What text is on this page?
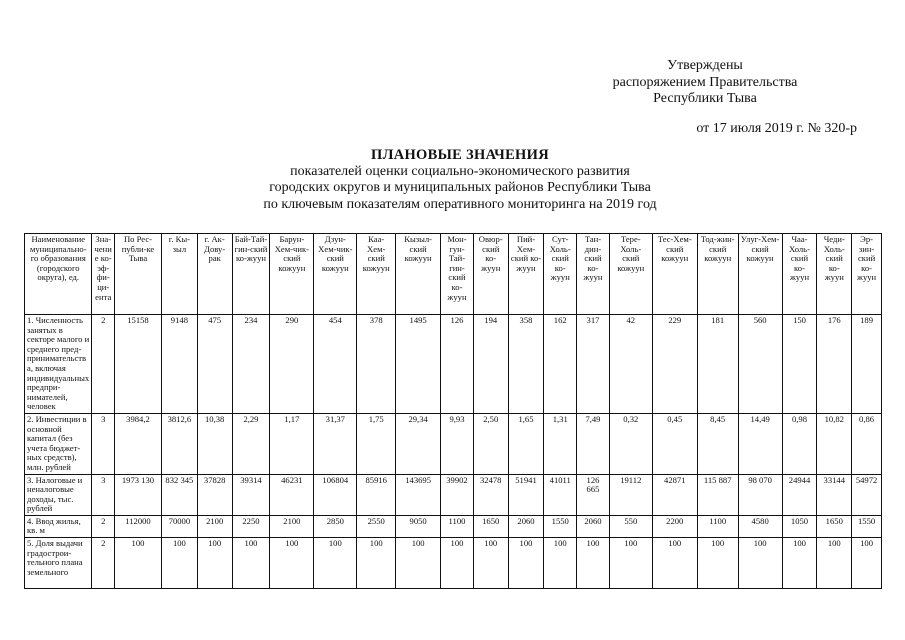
Утверждены
распоряжением Правительства
Республики Тыва
от 17 июля 2019 г. № 320-р
ПЛАНОВЫЕ ЗНАЧЕНИЯ
показателей оценки социально-экономического развития
городских округов и муниципальных районов Республики Тыва
по ключевым показателям оперативного мониторинга на 2019 год
Наименование муниципально-го образования (городского округа), ед.	Зна-чение ко-эф-фи-ци-ента	По Рес-публи-ке Тыва	г. Кы-зыл	г. Ак-Дову-рак	Бай-Тай-гин-ский ко-жуун	Барун-Хем-чик-ский кожуун	Дзун-Хем-чик-ский кожуун	Каа-Хем-ский кожуун	Кызыл-ский кожуун	Мон-гун-Тай-гин-ский ко-жуун	Овюр-ский ко-жуун	Пий-Хем-ский ко-жуун	Сут-Холь-ский ко-жуун	Тан-дин-ский ко-жуун	Тере-Холь-ский кожуун	Тес-Хем-ский кожуун	Тод-жин-ский кожуун	Улуг-Хем-ский кожуун	Чаа-Холь-ский ко-жуун	Чеди-Холь-ский ко-жуун	Эр-зин-ский ко-жуун
1. Численность занятых в секторе малого и среднего пред-принимательства, включая индивидуальных предпри-нимателей, человек	2	15158	9148	475	234	290	454	378	1495	126	194	358	162	317	42	229	181	560	150	176	189
2. Инвестиции в основной капитал (без учета бюджет-ных средств), млн. рублей	3	3984,2	3812,6	10,38	2,29	1,17	31,37	1,75	29,34	9,93	2,50	1,65	1,31	7,49	0,32	0,45	8,45	14,49	0,98	10,82	0,86
3. Налоговые и неналоговые доходы, тыс. рублей	3	1973 130	832 345	37828	39314	46231	106804	85916	143695	39902	32478	51941	41011	126 665	19112	42871	115 887	98 070	24944	33144	54972
4. Ввод жилья, кв. м	2	112000	70000	2100	2250	2100	2850	2550	9050	1100	1650	2060	1550	2060	550	2200	1100	4580	1050	1650	1550
5. Доля выдачи градострои-тельного плана земельного	2	100	100	100	100	100	100	100	100	100	100	100	100	100	100	100	100	100	100	100	100
